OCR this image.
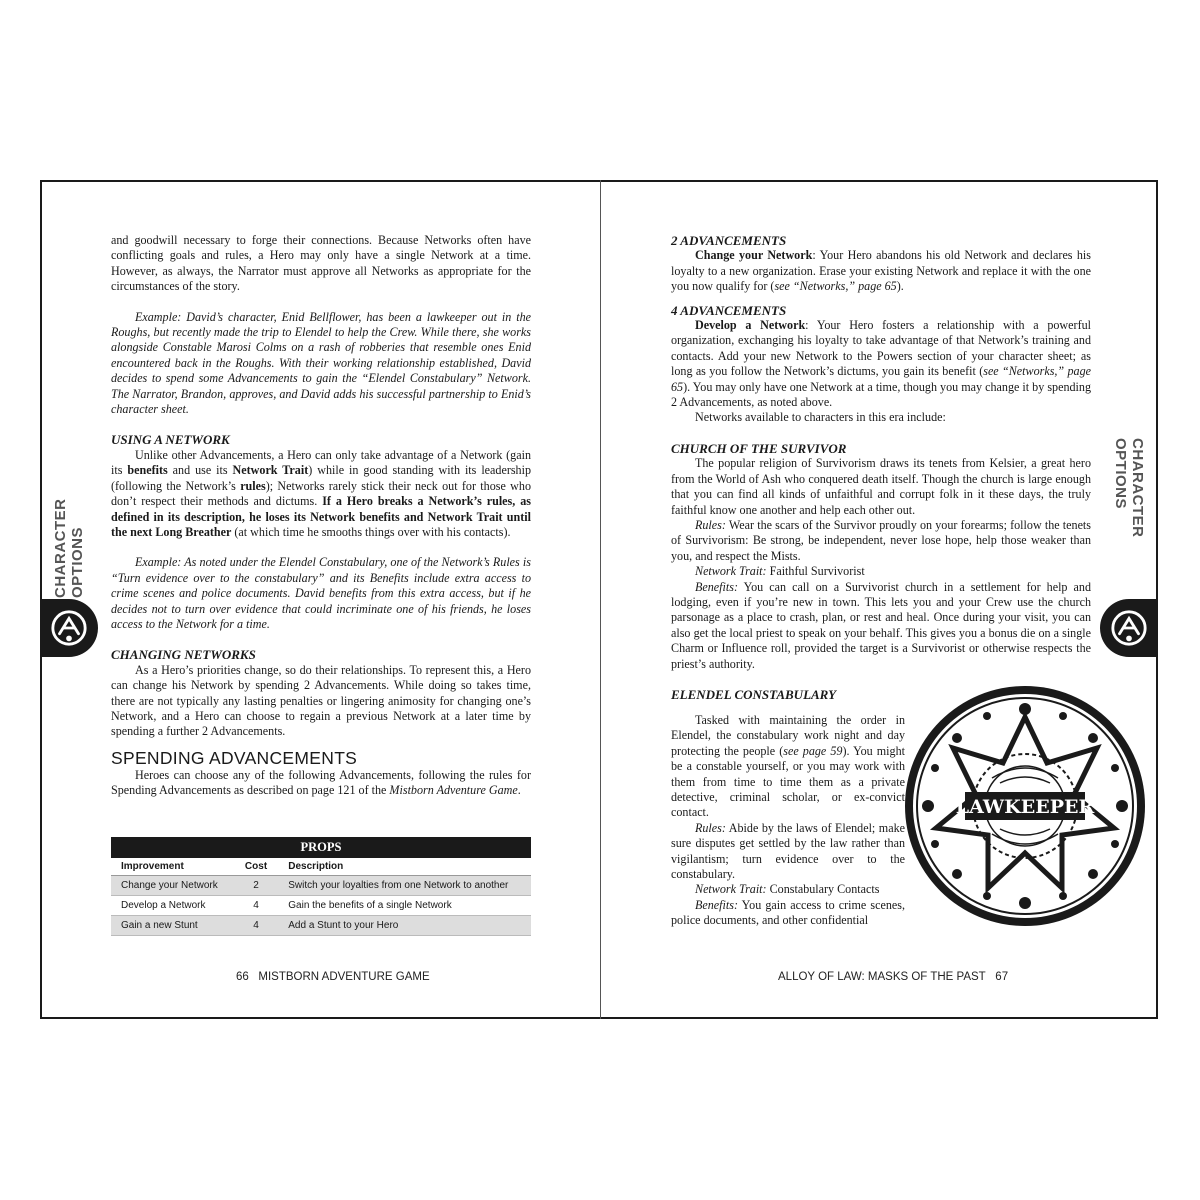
and goodwill necessary to forge their connections. Because Networks often have conflicting goals and rules, a Hero may only have a single Network at a time. However, as always, the Narrator must approve all Networks as appropriate for the circumstances of the story.

Example: David’s character, Enid Bellflower, has been a lawkeeper out in the Roughs, but recently made the trip to Elendel to help the Crew. While there, she works alongside Constable Marosi Colms on a rash of robberies that resemble ones Enid encountered back in the Roughs. With their working relationship established, David decides to spend some Advancements to gain the “Elendel Constabulary” Network. The Narrator, Brandon, approves, and David adds his successful partnership to Enid’s character sheet.

USING A NETWORK

Unlike other Advancements, a Hero can only take advantage of a Network (gain its benefits and use its Network Trait) while in good standing with its leadership (following the Network’s rules); Networks rarely stick their neck out for those who don’t respect their methods and dictums. If a Hero breaks a Network’s rules, as defined in its description, he loses its Network benefits and Network Trait until the next Long Breather (at which time he smooths things over with his contacts).

Example: As noted under the Elendel Constabulary, one of the Network’s Rules is “Turn evidence over to the constabulary” and its Benefits include extra access to crime scenes and police documents. David benefits from this extra access, but if he decides not to turn over evidence that could incriminate one of his friends, he loses access to the Network for a time.

CHANGING NETWORKS

As a Hero’s priorities change, so do their relationships. To represent this, a Hero can change his Network by spending 2 Advancements. While doing so takes time, there are not typically any lasting penalties or lingering animosity for changing one’s Network, and a Hero can choose to regain a previous Network at a later time by spending a further 2 Advancements.

SPENDING ADVANCEMENTS

Heroes can choose any of the following Advancements, following the rules for Spending Advancements as described on page 121 of the Mistborn Adventure Game.

PROPS		
Improvement	Cost	Description
Change your Network	2	Switch your loyalties from one Network to another
Develop a Network	4	Gain the benefits of a single Network
Gain a new Stunt	4	Add a Stunt to your Hero
66 MISTBORN ADVENTURE GAME
CHARACTER OPTIONS

2 ADVANCEMENTS

Change your Network: Your Hero abandons his old Network and declares his loyalty to a new organization. Erase your existing Network and replace it with the one you now qualify for (see “Networks,” page 65).

4 ADVANCEMENTS

Develop a Network: Your Hero fosters a relationship with a powerful organization, exchanging his loyalty to take advantage of that Network’s training and contacts. Add your new Network to the Powers section of your character sheet; as long as you follow the Network’s dictums, you gain its benefit (see “Networks,” page 65). You may only have one Network at a time, though you may change it by spending 2 Advancements, as noted above.

Networks available to characters in this era include:

CHURCH OF THE SURVIVOR

The popular religion of Survivorism draws its tenets from Kelsier, a great hero from the World of Ash who conquered death itself. Though the church is large enough that you can find all kinds of unfaithful and corrupt folk in it these days, the truly faithful know one another and help each other out.

Rules: Wear the scars of the Survivor proudly on your forearms; follow the tenets of Survivorism: Be strong, be independent, never lose hope, help those weaker than you, and respect the Mists.

Network Trait: Faithful Survivorist

Benefits: You can call on a Survivorist church in a settlement for help and lodging, even if you’re new in town. This lets you and your Crew use the church parsonage as a place to crash, plan, or rest and heal. Once during your visit, you can also get the local priest to speak on your behalf. This gives you a bonus die on a single Charm or Influence roll, provided the target is a Survivorist or otherwise respects the priest’s authority.

ELENDEL CONSTABULARY

Tasked with maintaining the order in Elendel, the constabulary work night and day protecting the people (see page 59). You might be a constable yourself, or you may work with them from time to time them as a private detective, criminal scholar, or ex-convict contact.

Rules: Abide by the laws of Elendel; make sure disputes get settled by the law rather than vigilantism; turn evidence over to the constabulary.

Network Trait: Constabulary Contacts

Benefits: You gain access to crime scenes, police documents, and other confidential

LAWKEEPER
ALLOY OF LAW: MASKS OF THE PAST 67
CHARACTER OPTIONS
